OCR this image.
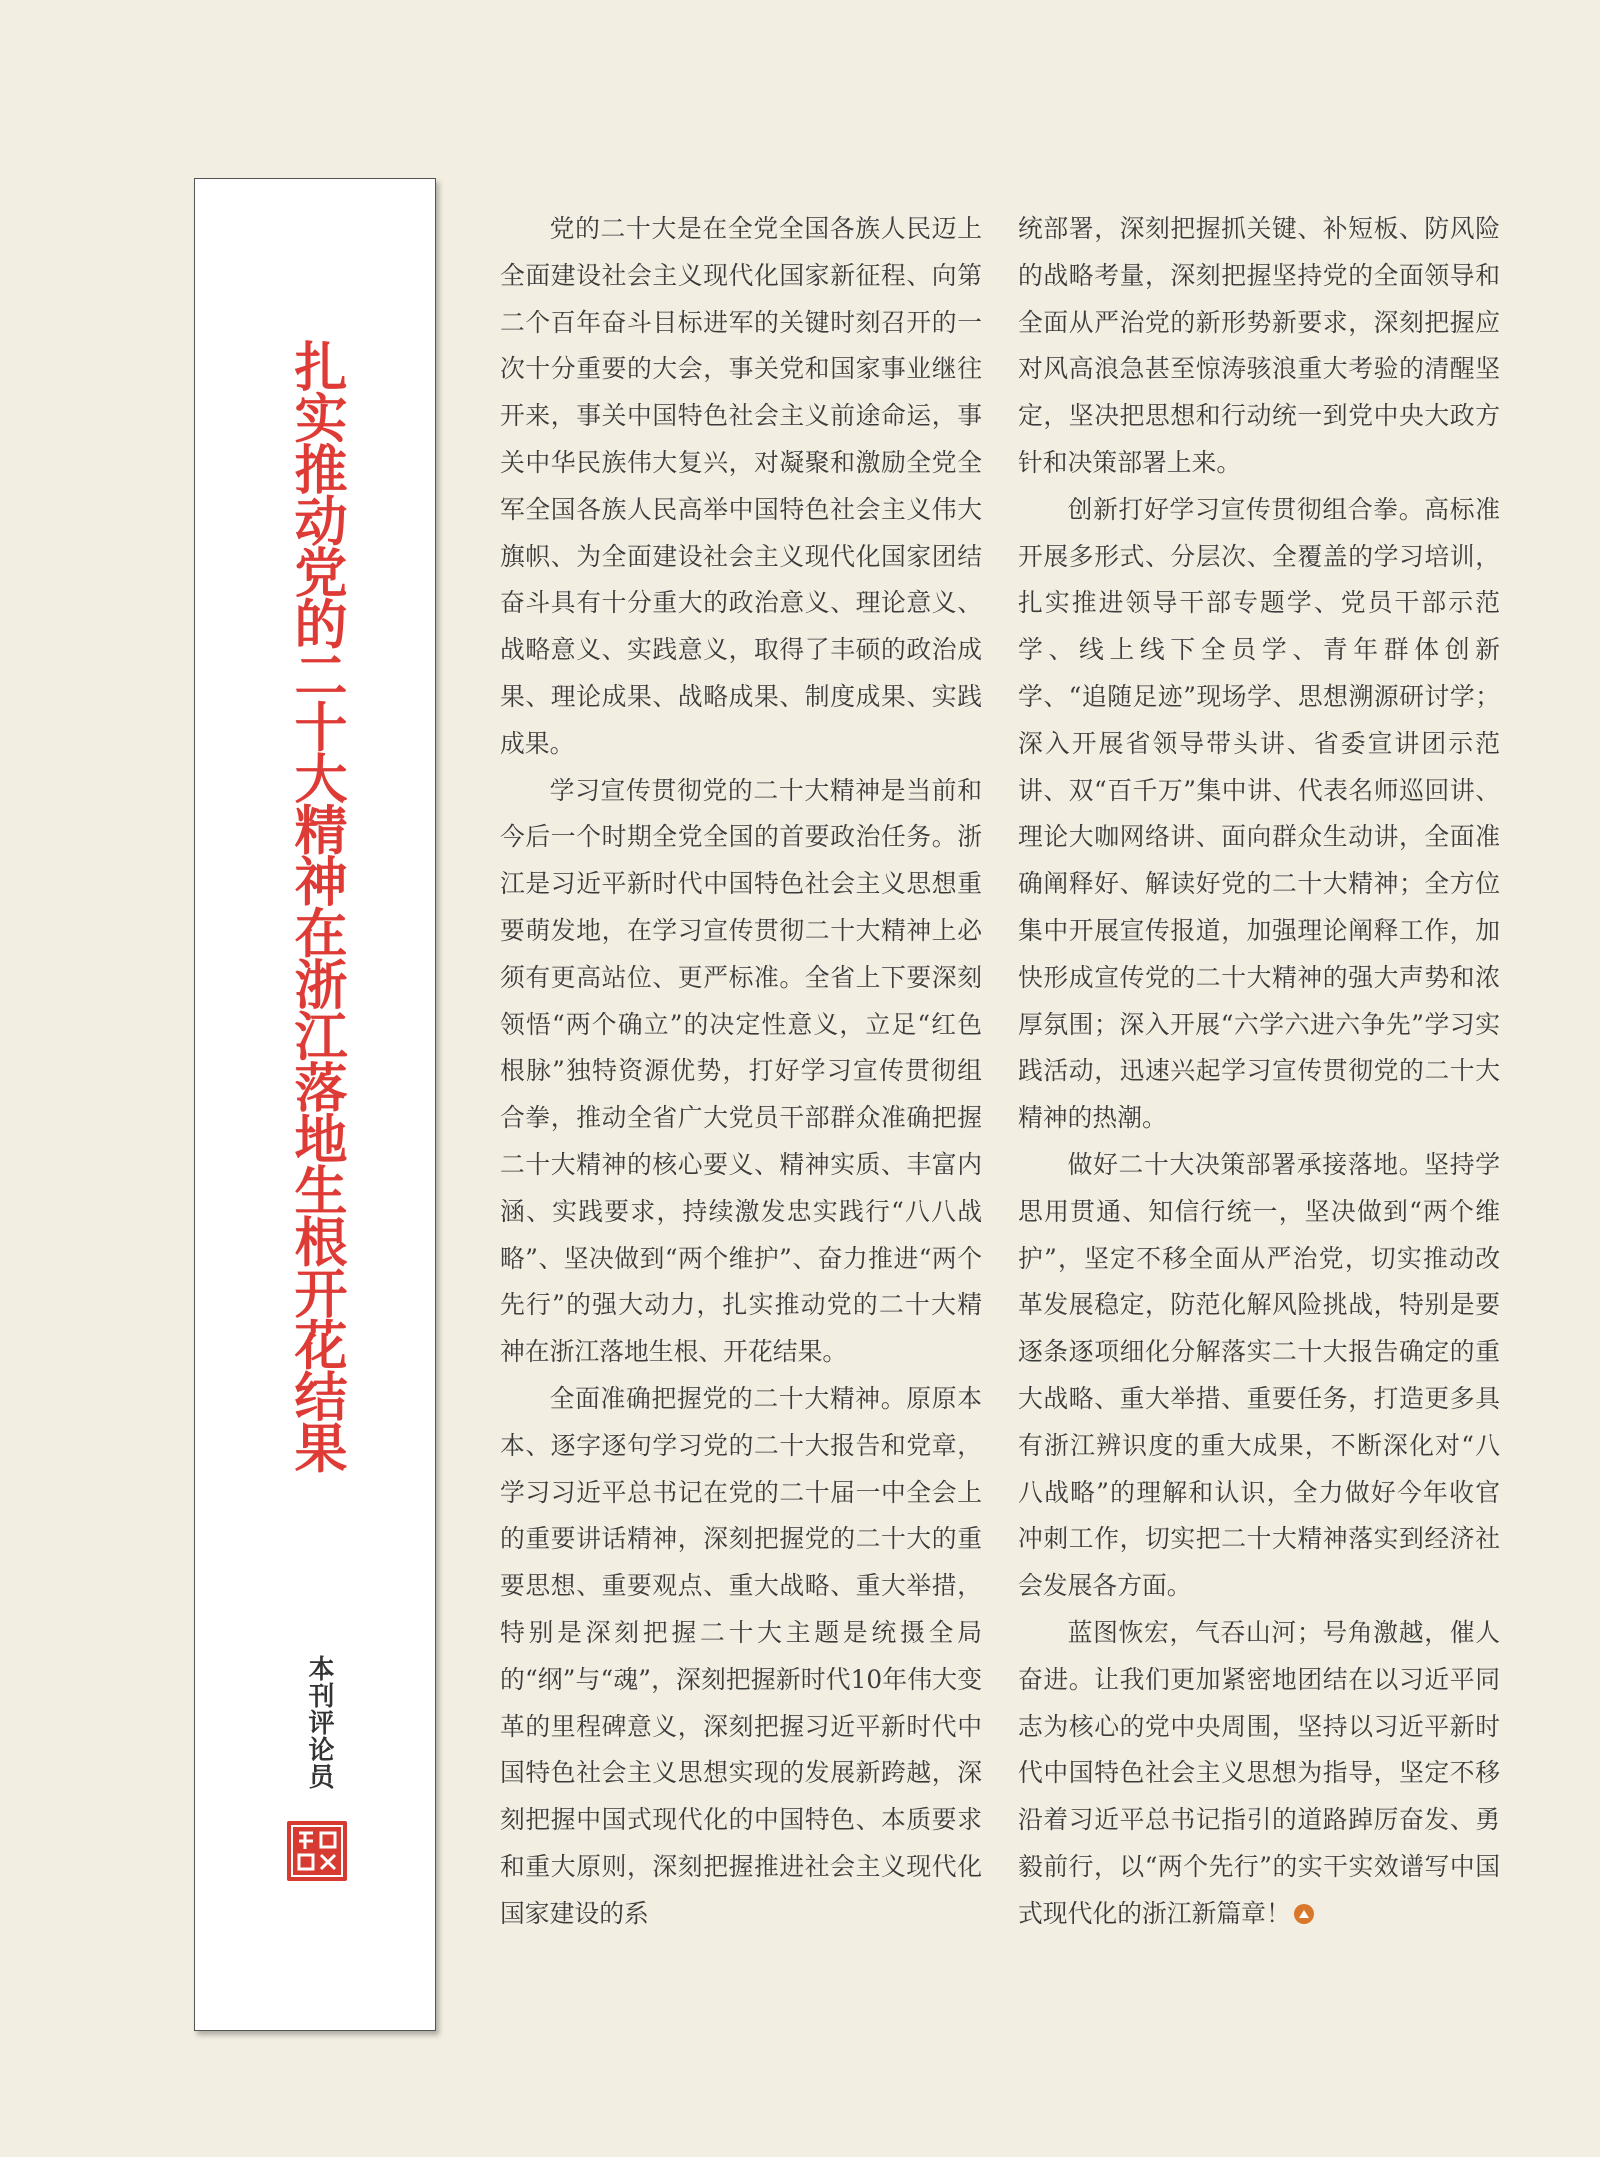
扎实推动党的二十大精神在浙江落地生根开花结果
本刊评论员

党的二十大是在全党全国各族人民迈上全面建设社会主义现代化国家新征程、向第二个百年奋斗目标进军的关键时刻召开的一次十分重要的大会，事关党和国家事业继往开来，事关中国特色社会主义前途命运，事关中华民族伟大复兴，对凝聚和激励全党全军全国各族人民高举中国特色社会主义伟大旗帜、为全面建设社会主义现代化国家团结奋斗具有十分重大的政治意义、理论意义、战略意义、实践意义，取得了丰硕的政治成果、理论成果、战略成果、制度成果、实践成果。

学习宣传贯彻党的二十大精神是当前和今后一个时期全党全国的首要政治任务。浙江是习近平新时代中国特色社会主义思想重要萌发地，在学习宣传贯彻二十大精神上必须有更高站位、更严标准。全省上下要深刻领悟“两个确立”的决定性意义，立足“红色根脉”独特资源优势，打好学习宣传贯彻组合拳，推动全省广大党员干部群众准确把握二十大精神的核心要义、精神实质、丰富内涵、实践要求，持续激发忠实践行“八八战略”、坚决做到“两个维护”、奋力推进“两个先行”的强大动力，扎实推动党的二十大精神在浙江落地生根、开花结果。

全面准确把握党的二十大精神。原原本本、逐字逐句学习党的二十大报告和党章，学习习近平总书记在党的二十届一中全会上的重要讲话精神，深刻把握党的二十大的重要思想、重要观点、重大战略、重大举措，特别是深刻把握二十大主题是统摄全局的“纲”与“魂”，深刻把握新时代10年伟大变革的里程碑意义，深刻把握习近平新时代中国特色社会主义思想实现的发展新跨越，深刻把握中国式现代化的中国特色、本质要求和重大原则，深刻把握推进社会主义现代化国家建设的系

统部署，深刻把握抓关键、补短板、防风险的战略考量，深刻把握坚持党的全面领导和全面从严治党的新形势新要求，深刻把握应对风高浪急甚至惊涛骇浪重大考验的清醒坚定，坚决把思想和行动统一到党中央大政方针和决策部署上来。

创新打好学习宣传贯彻组合拳。高标准开展多形式、分层次、全覆盖的学习培训，扎实推进领导干部专题学、党员干部示范学、线上线下全员学、青年群体创新学、“追随足迹”现场学、思想溯源研讨学；深入开展省领导带头讲、省委宣讲团示范讲、双“百千万”集中讲、代表名师巡回讲、理论大咖网络讲、面向群众生动讲，全面准确阐释好、解读好党的二十大精神；全方位集中开展宣传报道，加强理论阐释工作，加快形成宣传党的二十大精神的强大声势和浓厚氛围；深入开展“六学六进六争先”学习实践活动，迅速兴起学习宣传贯彻党的二十大精神的热潮。

做好二十大决策部署承接落地。坚持学思用贯通、知信行统一，坚决做到“两个维护”，坚定不移全面从严治党，切实推动改革发展稳定，防范化解风险挑战，特别是要逐条逐项细化分解落实二十大报告确定的重大战略、重大举措、重要任务，打造更多具有浙江辨识度的重大成果，不断深化对“八八战略”的理解和认识，全力做好今年收官冲刺工作，切实把二十大精神落实到经济社会发展各方面。

蓝图恢宏，气吞山河；号角激越，催人奋进。让我们更加紧密地团结在以习近平同志为核心的党中央周围，坚持以习近平新时代中国特色社会主义思想为指导，坚定不移沿着习近平总书记指引的道路踔厉奋发、勇毅前行，以“两个先行”的实干实效谱写中国式现代化的浙江新篇章！
